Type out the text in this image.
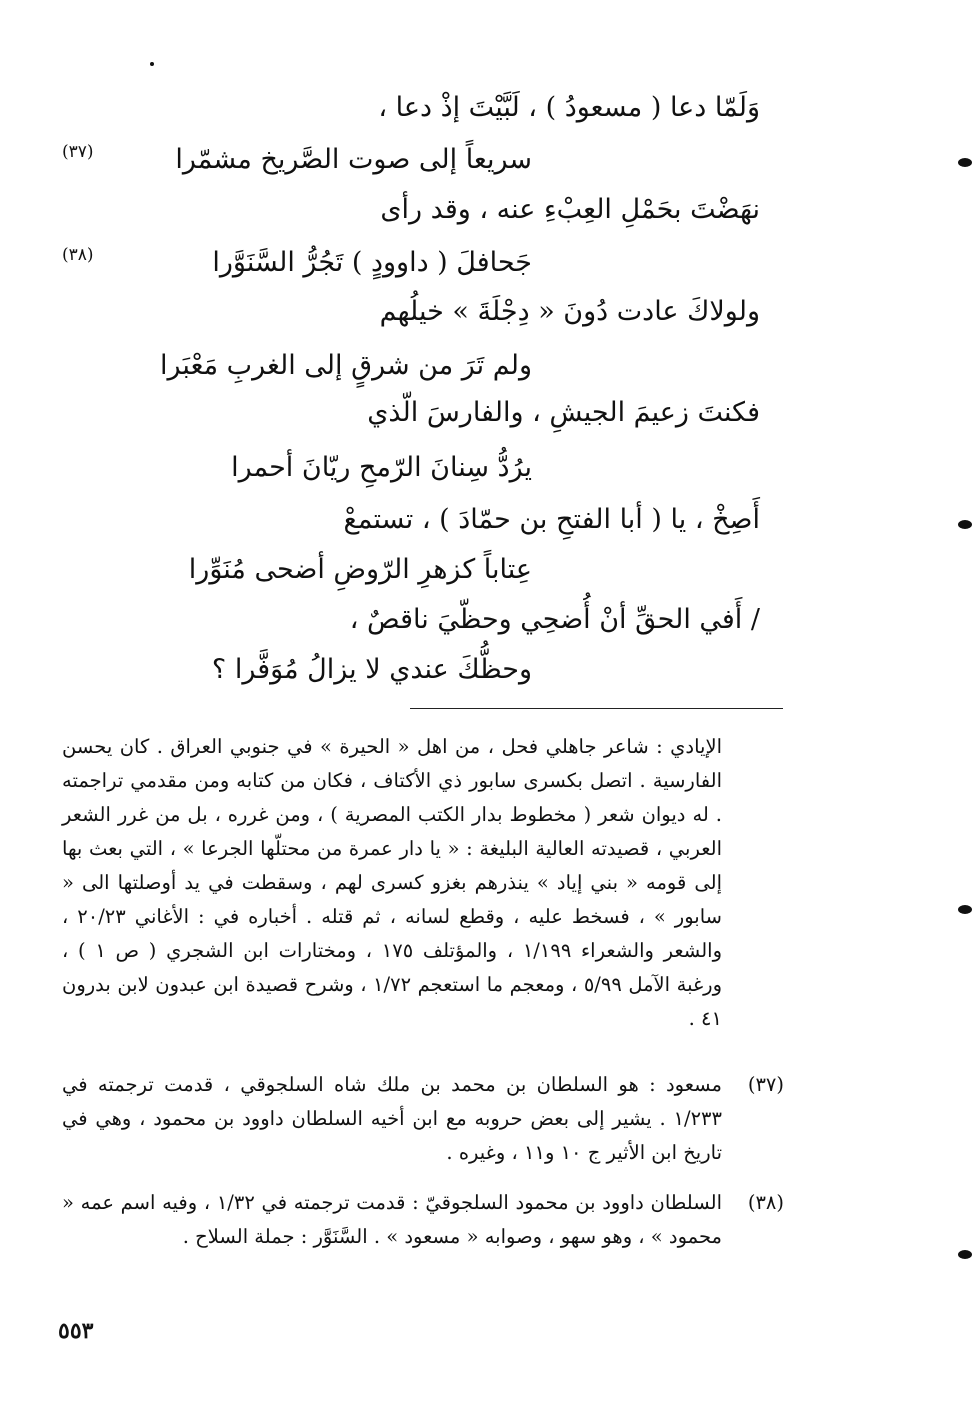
وَلَمّا دعا ( مسعودُ ) ، لَبَّيْتَ إذْ دعا ،
سريعاً إلى صوت الصَّريخ مشمّرا
(٣٧)
نهَضْتَ بحَمْلِ العِبْءِ عنه ، وقد رأى
جَحافلَ ( داوودٍ ) تَجُرُّ السَّنَوَّرا
(٣٨)
ولولاكَ عادت دُونَ « دِجْلَةَ » خيلُهم
ولم تَرَ من شرقٍ إلى الغربِ مَعْبَرا
فكنتَ زعيمَ الجيشِ ، والفارسَ الّذي
يرُدُّ سِنانَ الرّمحِ ريّانَ أحمرا
أَصِخْ ، يا ( أبا الفتحِ بن حمّادَ ) ، تستمعْ
عِتاباً كزهرِ الرّوضِ أضحى مُنَوِّرا
/ أَفي الحقِّ أنْ أُضحِي وحظّيَ ناقصٌ ،
وحظُّكَ عندي لا يزالُ مُوَفَّرا ؟
الإيادي : شاعر جاهلي فحل ، من اهل « الحيرة » في جنوبي العراق . كان يحسن الفارسية . اتصل بكسرى سابور ذي الأكتاف ، فكان من كتابه ومن مقدمي تراجمته . له ديوان شعر ( مخطوط بدار الكتب المصرية ) ، ومن غرره ، بل من غرر الشعر العربي ، قصيدته العالية البليغة : « يا دار عمرة من محتلّها الجرعا » ، التي بعث بها إلى قومه « بني إياد » ينذرهم بغزو كسرى لهم ، وسقطت في يد أوصلتها الى « سابور » ، فسخط عليه ، وقطع لسانه ، ثم قتله . أخباره في : الأغاني ٢٠/٢٣ ، والشعر والشعراء ١/١٩٩ ، والمؤتلف ١٧٥ ، ومختارات ابن الشجري ( ص ١ ) ، ورغبة الآمل ٥/٩٩ ، ومعجم ما استعجم ١/٧٢ ، وشرح قصيدة ابن عبدون لابن بدرون ٤١ .
(٣٧)
مسعود : هو السلطان بن محمد بن ملك شاه السلجوقي ، قدمت ترجمته في ١/٢٣٣ . يشير إلى بعض حروبه مع ابن أخيه السلطان داوود بن محمود ، وهي في تاريخ ابن الأثير ج ١٠ و١١ ، وغيره .
(٣٨)
السلطان داوود بن محمود السلجوقيّ : قدمت ترجمته في ١/٣٢ ، وفيه اسم عمه « محمود » ، وهو سهو ، وصوابه « مسعود » . السَّنَوَّر : جملة السلاح .
٥٥٣
